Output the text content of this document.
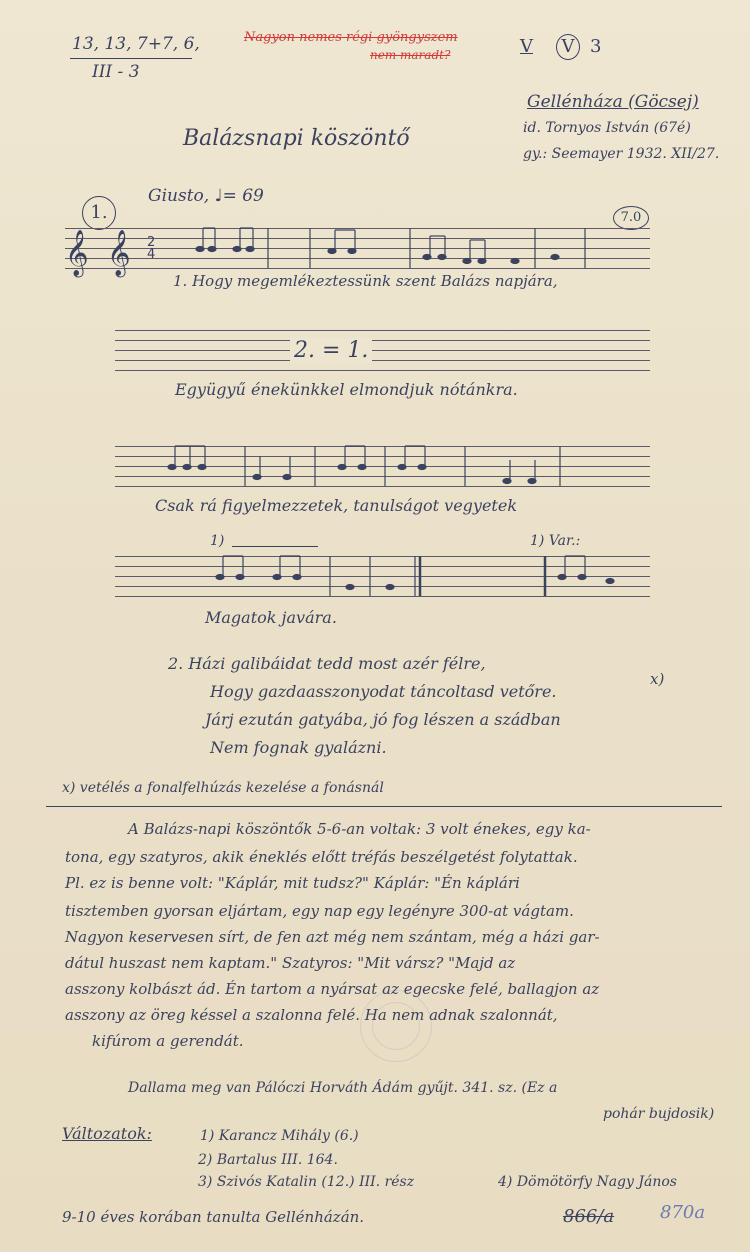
13, 13, 7+7, 6,
III - 3
Nagyon nemes régi gyöngyszem
nem maradt?	V	V 3
Gellénháza (Göcsej)
id. Tornyos István (67é)
gy.: Seemayer 1932. XII/27.
Balázsnapi köszöntő
1.
Giusto, ♩= 69
7.0
𝄞 𝄞 2
4
1. Hogy megemlékeztessünk szent Balázs napjára,
2. = 1.
Együgyű énekünkkel elmondjuk nótánkra.
Csak rá figyelmezzetek, tanulságot vegyetek
1)	1) Var.:
Magatok javára.
2. Házi galibáidat tedd most azér félre,
Hogy gazdaasszonyodat táncoltasd vetőre.
x)
Járj ezután gatyába, jó fog lészen a szádban
Nem fognak gyalázni.
x) vetélés a fonalfelhúzás kezelése a fonásnál
A Balázs-napi köszöntők 5-6-an voltak: 3 volt énekes, egy ka-
tona, egy szatyros, akik éneklés előtt tréfás beszélgetést folytattak.
Pl. ez is benne volt: "Káplár, mit tudsz?" Káplár: "Én káplári
tisztemben gyorsan eljártam, egy nap egy legényre 300-at vágtam.
Nagyon keservesen sírt, de fen azt még nem szántam, még a házi gar-
dátul huszast nem kaptam." Szatyros: "Mit vársz? "Majd az
asszony kolbászt ád. Én tartom a nyársat az egecske felé, ballagjon az
asszony az öreg késsel a szalonna felé. Ha nem adnak szalonnát,
kifúrom a gerendát.
Dallama meg van Pálóczi Horváth Ádám gyűjt. 341. sz. (Ez a
pohár bujdosik)
Változatok:	1) Karancz Mihály (6.)
2) Bartalus III. 164.
3) Szivós Katalin (12.) III. rész	4) Dömötörfy Nagy János
9-10 éves korában tanulta Gellénházán.	866/a	870a
